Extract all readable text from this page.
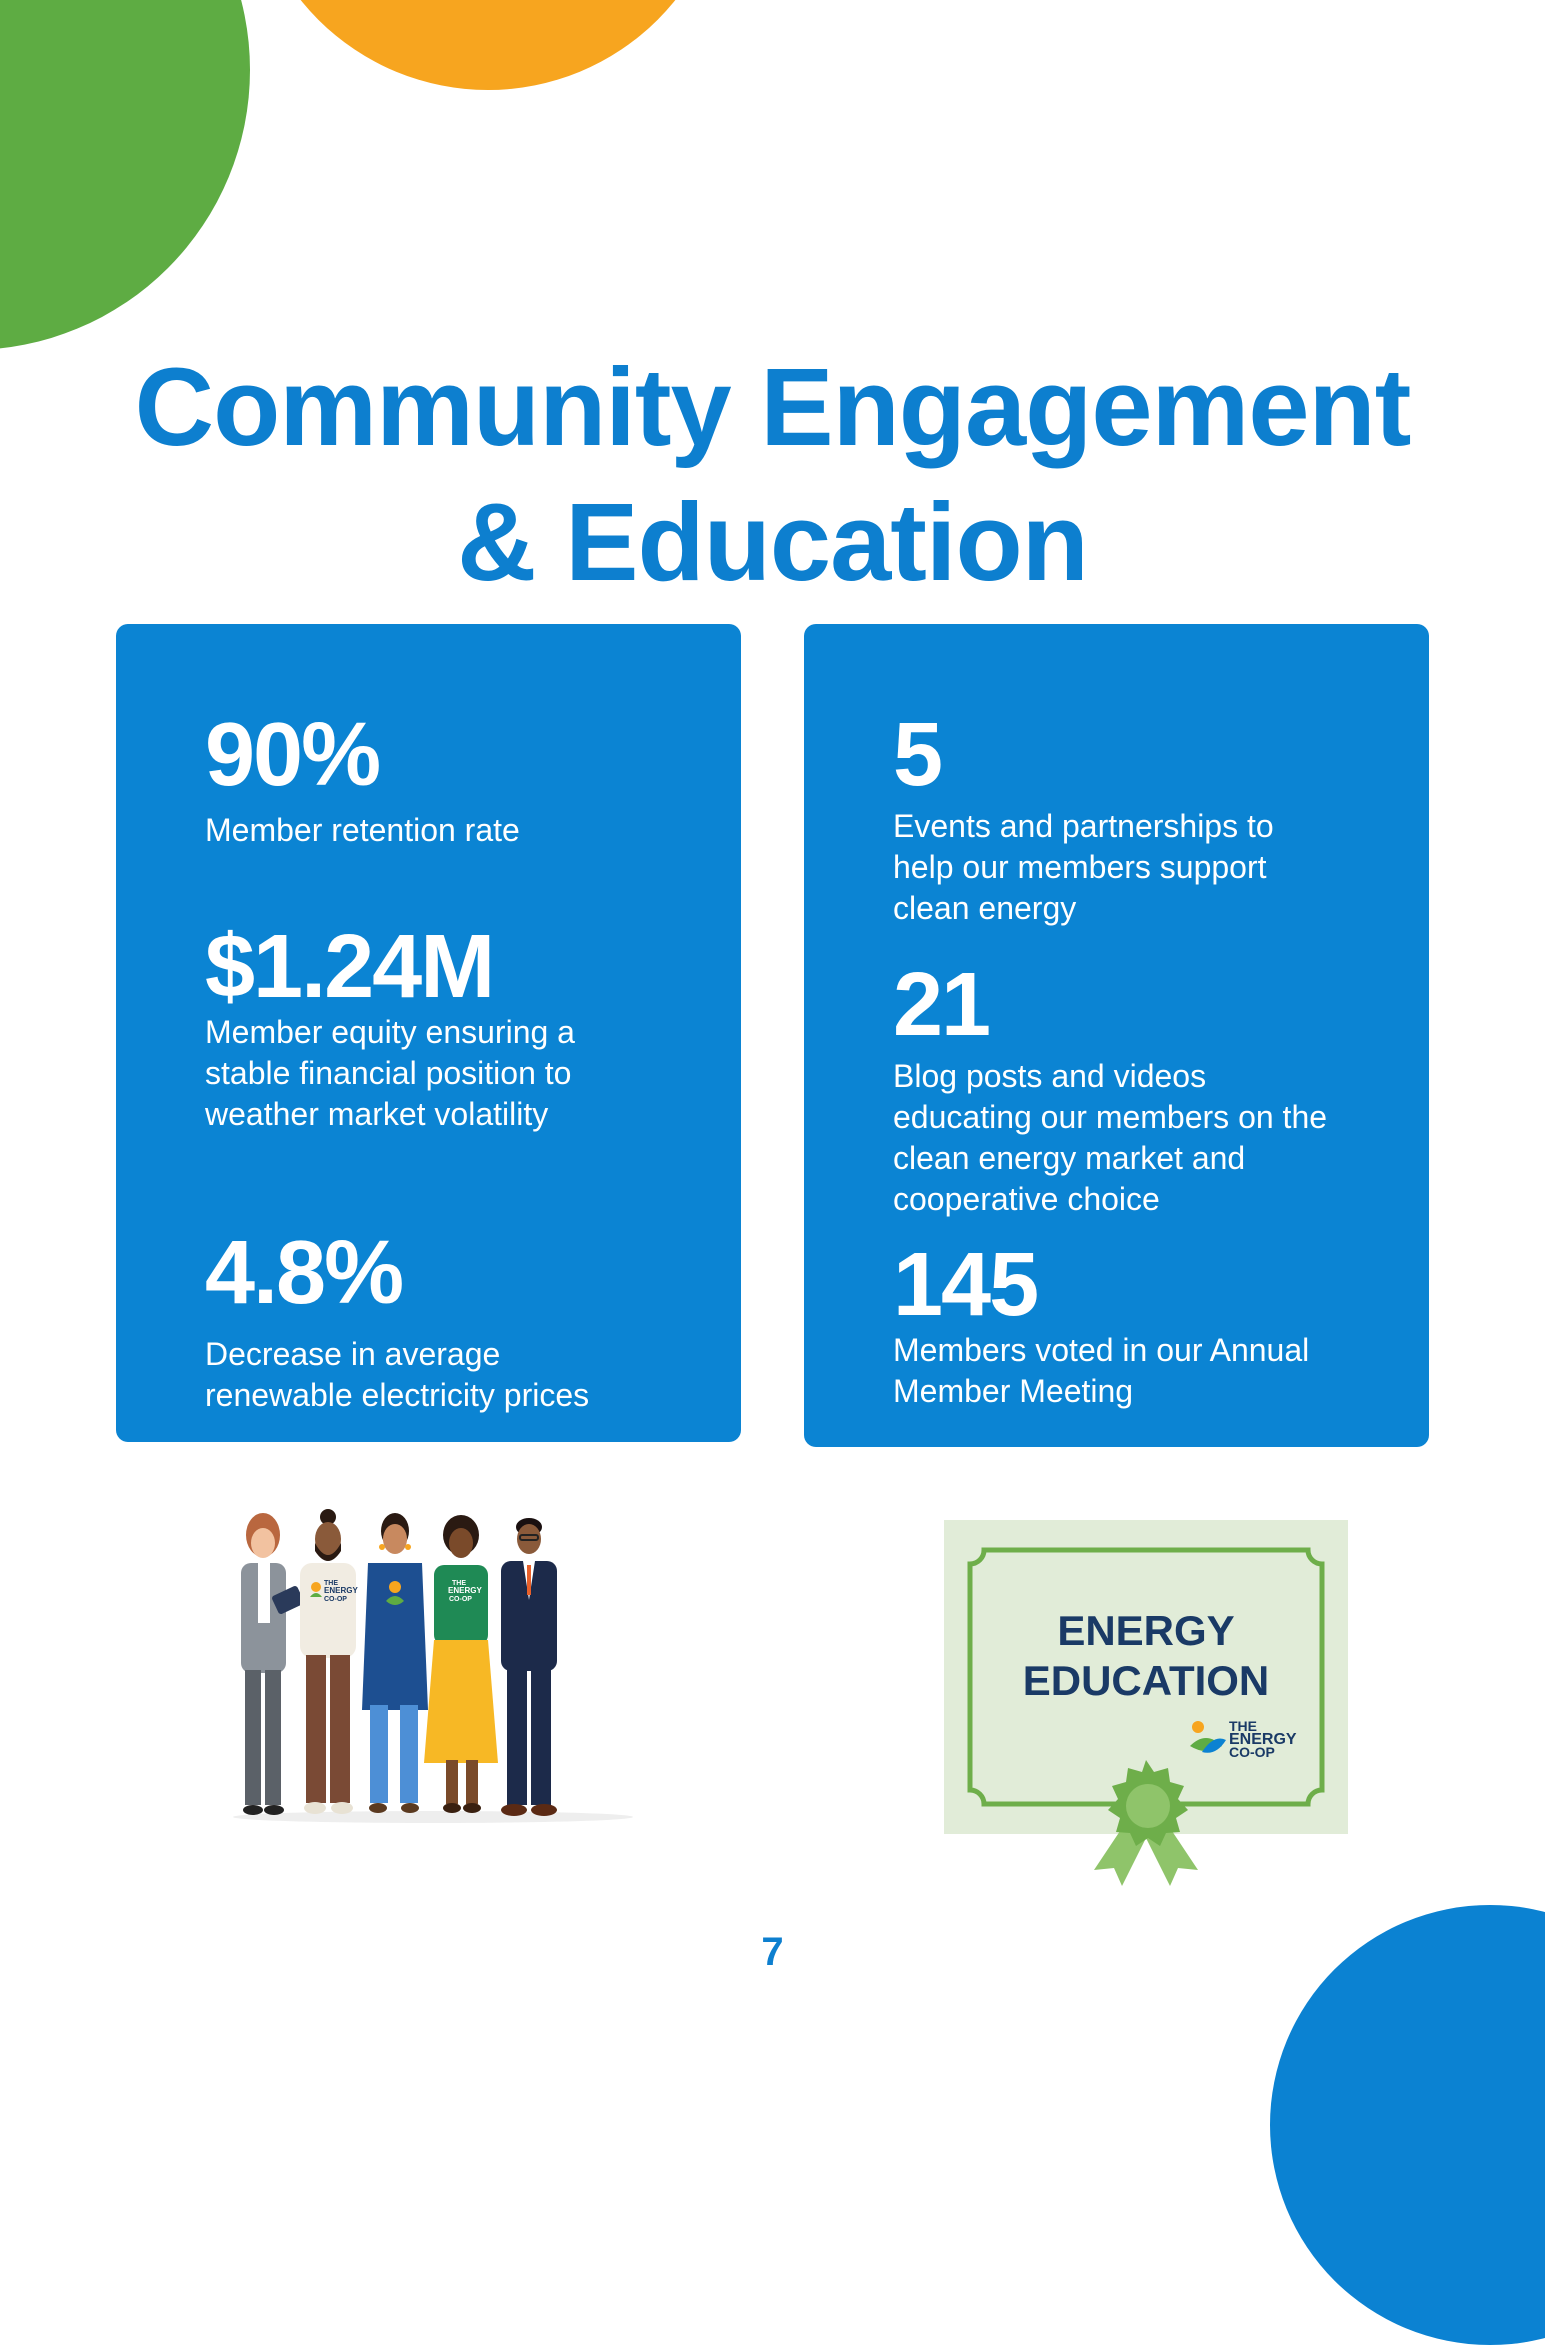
Community Engagement
& Education
90%
Member retention rate
$1.24M
Member equity ensuring a stable financial position to weather market volatility
4.8%
Decrease in average renewable electricity prices
5
Events and partnerships to help our members support clean energy
21
Blog posts and videos educating our members on the clean energy market and cooperative choice
145
Members voted in our Annual Member Meeting
THE
ENERGY
CO-OP
THE
ENERGY
CO-OP
ENERGY
EDUCATION
THE
ENERGY
CO-OP
7
